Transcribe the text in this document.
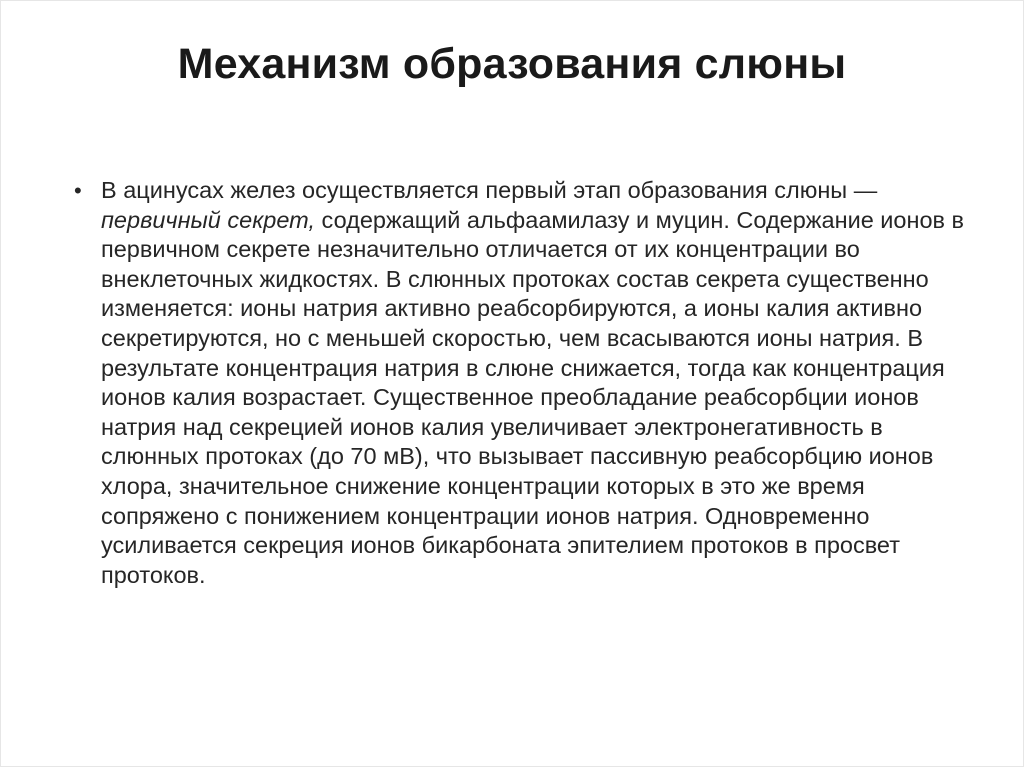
Механизм образования слюны
• В ацинусах желез осуществляется первый этап образования слюны —первичный секрет, содержащий альфаамилазу и муцин. Содержание ионов в первичном секрете незначительно отличается от их концентрации во внеклеточных жидкостях. В слюнных протоках состав секрета существенно изменяется: ионы натрия активно реабсорбируются, а ионы калия активно секретируются, но с меньшей скоростью, чем всасываются ионы натрия. В результате концентрация натрия в слюне снижается, тогда как концентрация ионов калия возрастает. Существенное преобладание реабсорбции ионов натрия над секрецией ионов калия увеличивает электронегативность в слюнных протоках (до 70 мВ), что вызывает пассивную реабсорбцию ионов хлора, значительное снижение концентрации которых в это же время сопряжено с понижением концентрации ионов натрия. Одновременно усиливается секреция ионов бикарбоната эпителием протоков в просвет протоков.
